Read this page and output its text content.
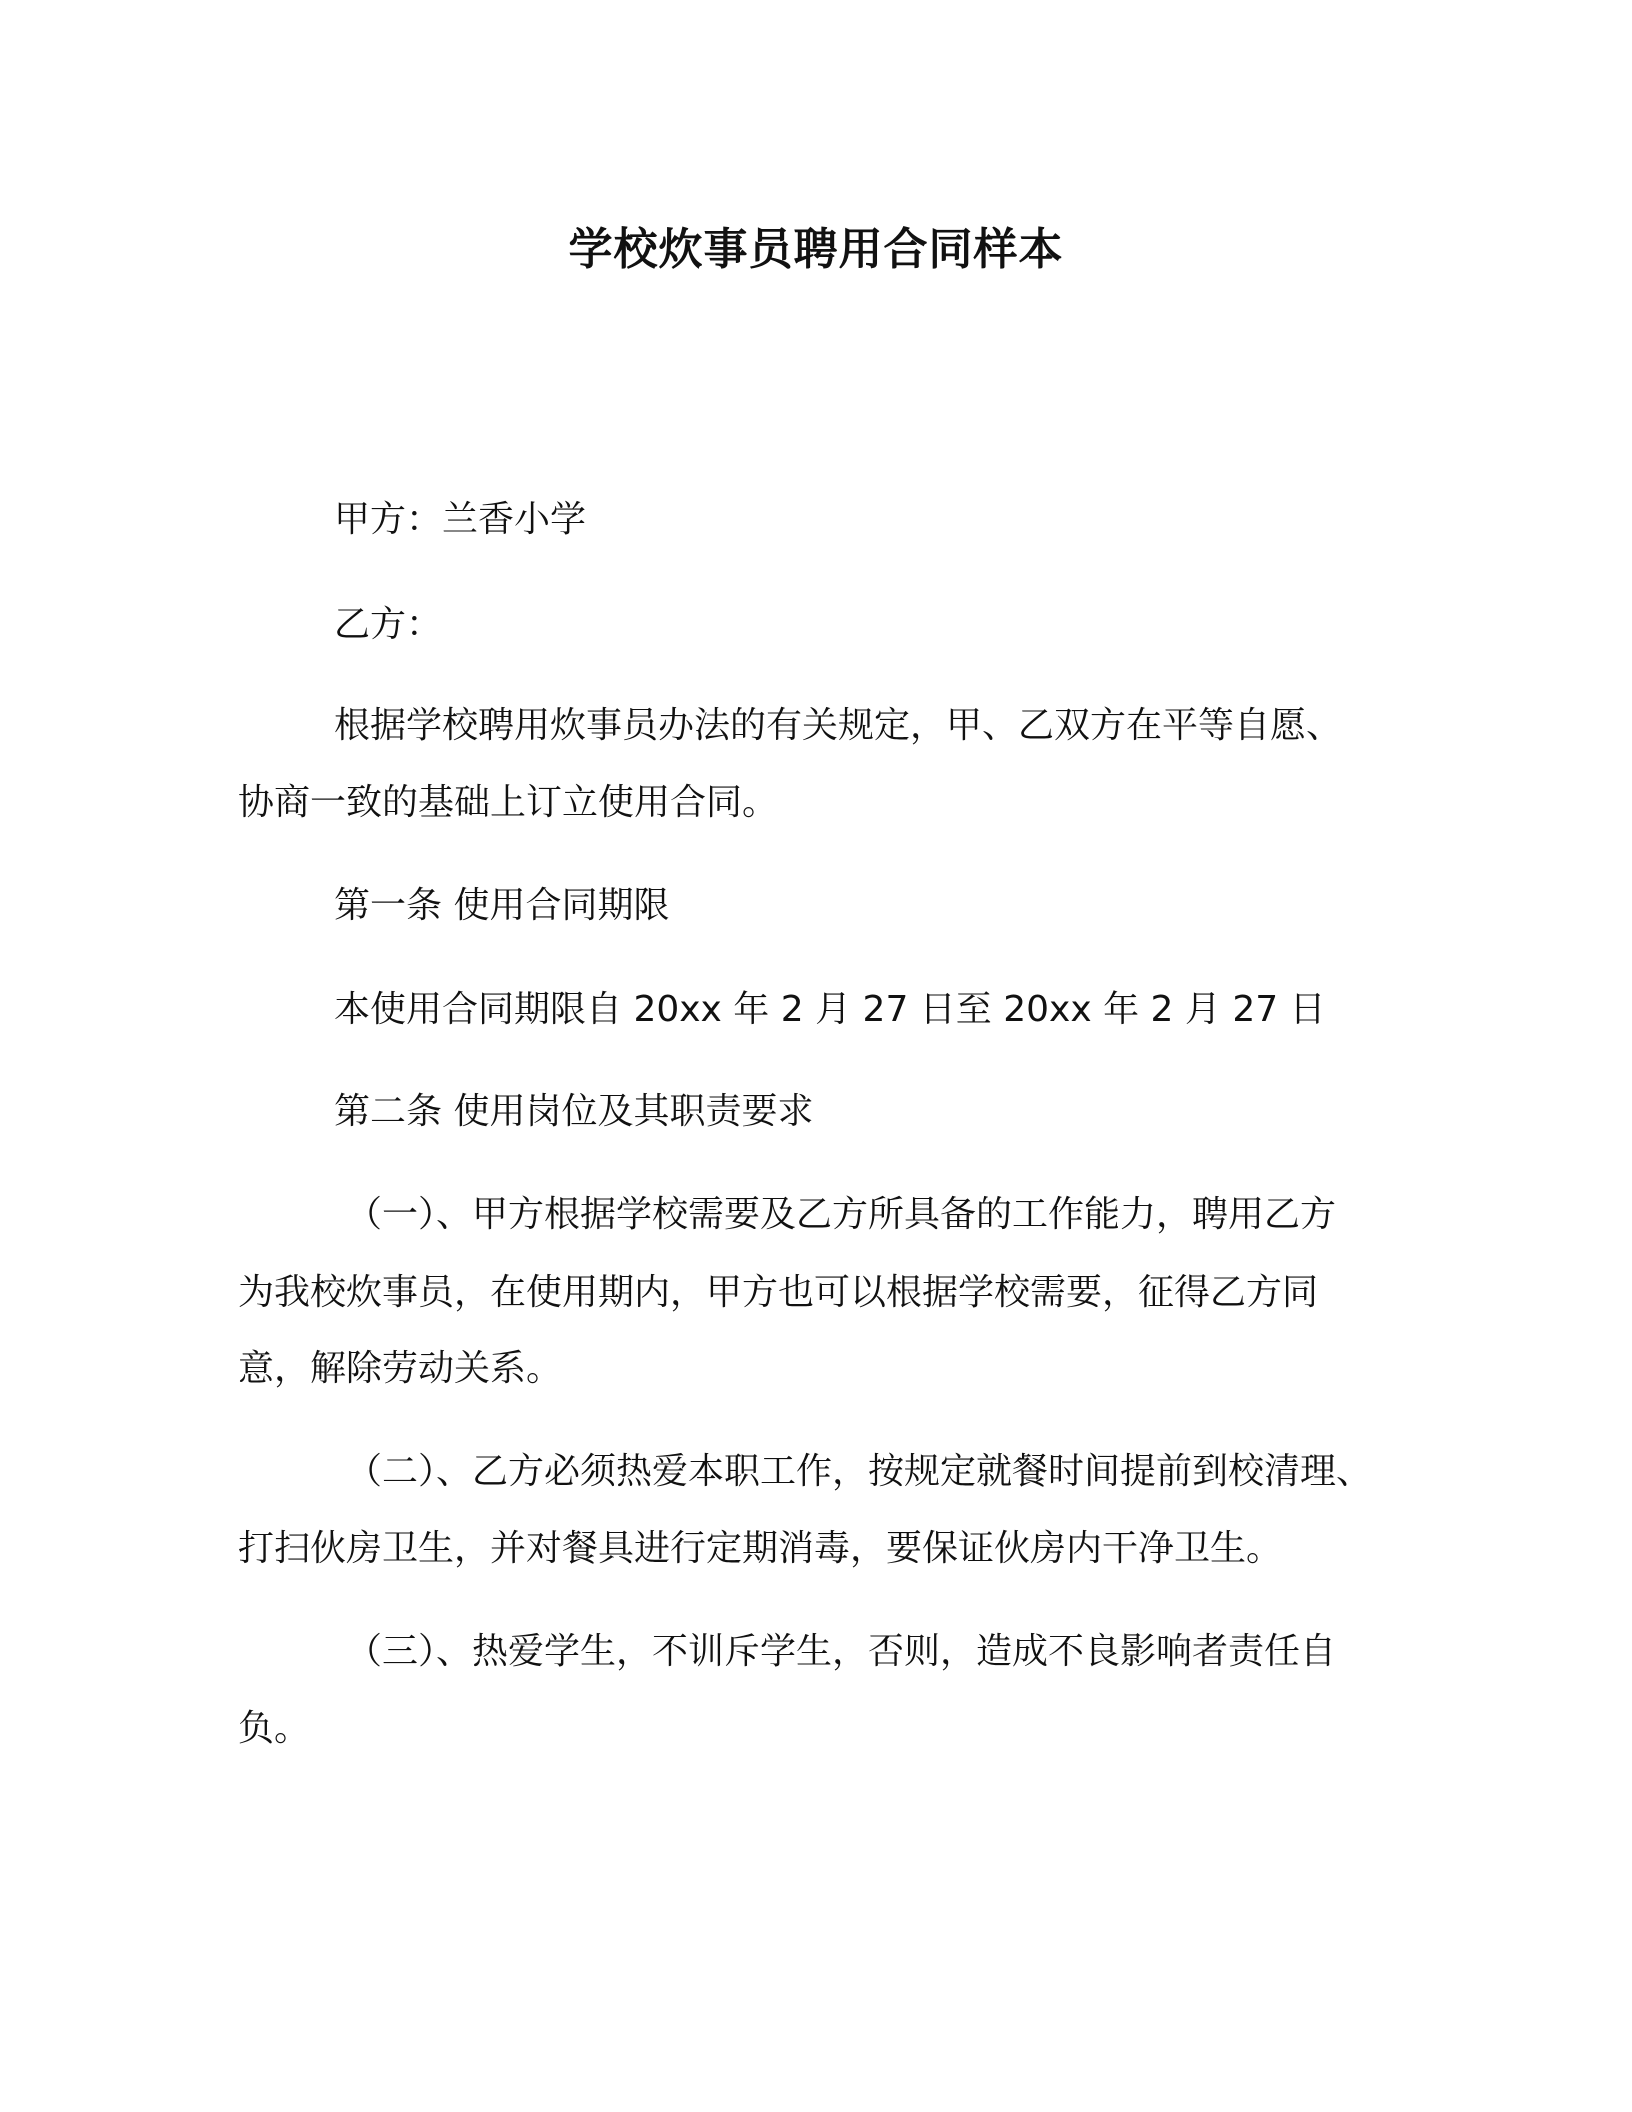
学校炊事员聘用合同样本
甲方：兰香小学
乙方：
根据学校聘用炊事员办法的有关规定，甲、乙双方在平等自愿、
协商一致的基础上订立使用合同。
第一条 使用合同期限
本使用合同期限自 20xx 年 2 月 27 日至 20xx 年 2 月 27 日
第二条 使用岗位及其职责要求
（一）、甲方根据学校需要及乙方所具备的工作能力，聘用乙方
为我校炊事员，在使用期内，甲方也可以根据学校需要，征得乙方同
意，解除劳动关系。
（二）、乙方必须热爱本职工作，按规定就餐时间提前到校清理、
打扫伙房卫生，并对餐具进行定期消毒，要保证伙房内干净卫生。
（三）、热爱学生，不训斥学生，否则，造成不良影响者责任自
负。
